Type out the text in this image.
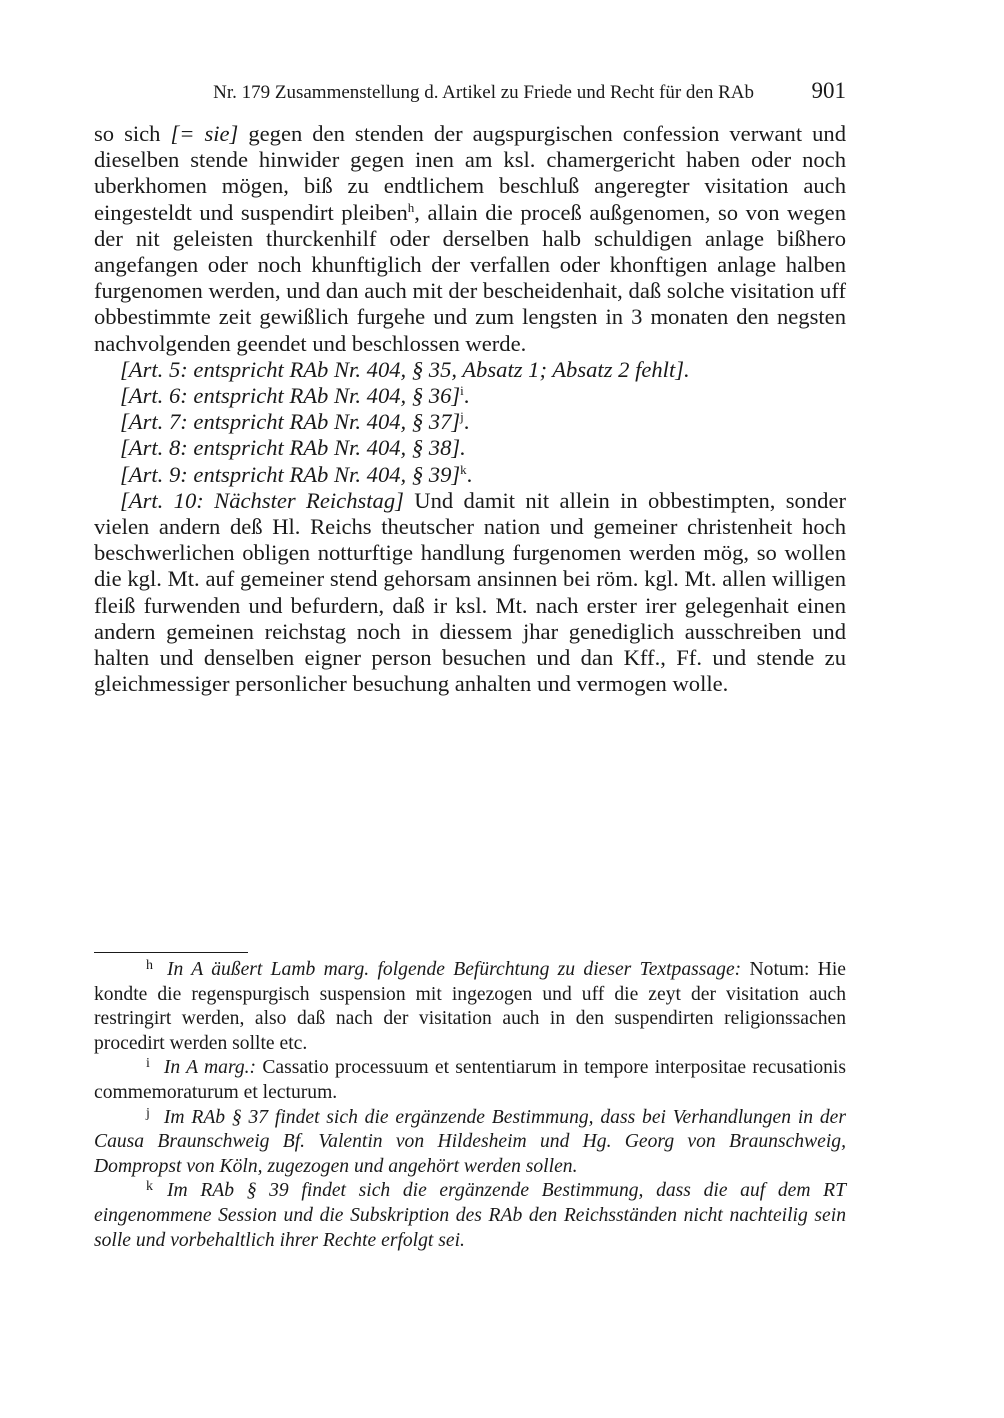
Nr. 179 Zusammenstellung d. Artikel zu Friede und Recht für den RAb	901

so sich [= sie] gegen den stenden der augspurgischen confession verwant und dieselben stende hinwider gegen inen am ksl. chamergericht haben oder noch uberkhomen mögen, biß zu endtlichem beschluß angeregter visitation auch eingesteldt und suspendirt pleiben$^h$, allain die proceß außgenomen, so von wegen der nit geleisten thurckenhilf oder derselben halb schuldigen anlage bißhero angefangen oder noch khunftiglich der verfallen oder khonftigen anlage halben furgenomen werden, und dan auch mit der bescheidenhait, daß solche visitation uff obbestimmte zeit gewißlich furgehe und zum lengsten in 3 monaten den negsten nachvolgenden geendet und beschlossen werde.

[Art. 5: entspricht RAb Nr. 404, § 35, Absatz 1; Absatz 2 fehlt].

[Art. 6: entspricht RAb Nr. 404, § 36]$^i$.

[Art. 7: entspricht RAb Nr. 404, § 37]$^j$.

[Art. 8: entspricht RAb Nr. 404, § 38].

[Art. 9: entspricht RAb Nr. 404, § 39]$^k$.

[Art. 10: Nächster Reichstag] Und damit nit allein in obbestimpten, sonder vielen andern deß Hl. Reichs theutscher nation und gemeiner christenheit hoch beschwerlichen obligen notturftige handlung furgenomen werden mög, so wollen die kgl. Mt. auf gemeiner stend gehorsam ansinnen bei röm. kgl. Mt. allen willigen fleiß furwenden und befurdern, daß ir ksl. Mt. nach erster irer gelegenhait einen andern gemeinen reichstag noch in diessem jhar genediglich ausschreiben und halten und denselben eigner person besuchen und dan Kff., Ff. und stende zu gleichmessiger personlicher besuchung anhalten und vermogen wolle.

h In A äußert Lamb marg. folgende Befürchtung zu dieser Textpassage: Notum: Hie kondte die regenspurgisch suspension mit ingezogen und uff die zeyt der visitation auch restringirt werden, also daß nach der visitation auch in den suspendirten religionssachen procedirt werden sollte etc.

i In A marg.: Cassatio processuum et sententiarum in tempore interpositae recusationis commemoraturum et lecturum.

j Im RAb § 37 findet sich die ergänzende Bestimmung, dass bei Verhandlungen in der Causa Braunschweig Bf. Valentin von Hildesheim und Hg. Georg von Braunschweig, Dompropst von Köln, zugezogen und angehört werden sollen.

k Im RAb § 39 findet sich die ergänzende Bestimmung, dass die auf dem RT eingenommene Session und die Subskription des RAb den Reichsständen nicht nachteilig sein solle und vorbehaltlich ihrer Rechte erfolgt sei.
